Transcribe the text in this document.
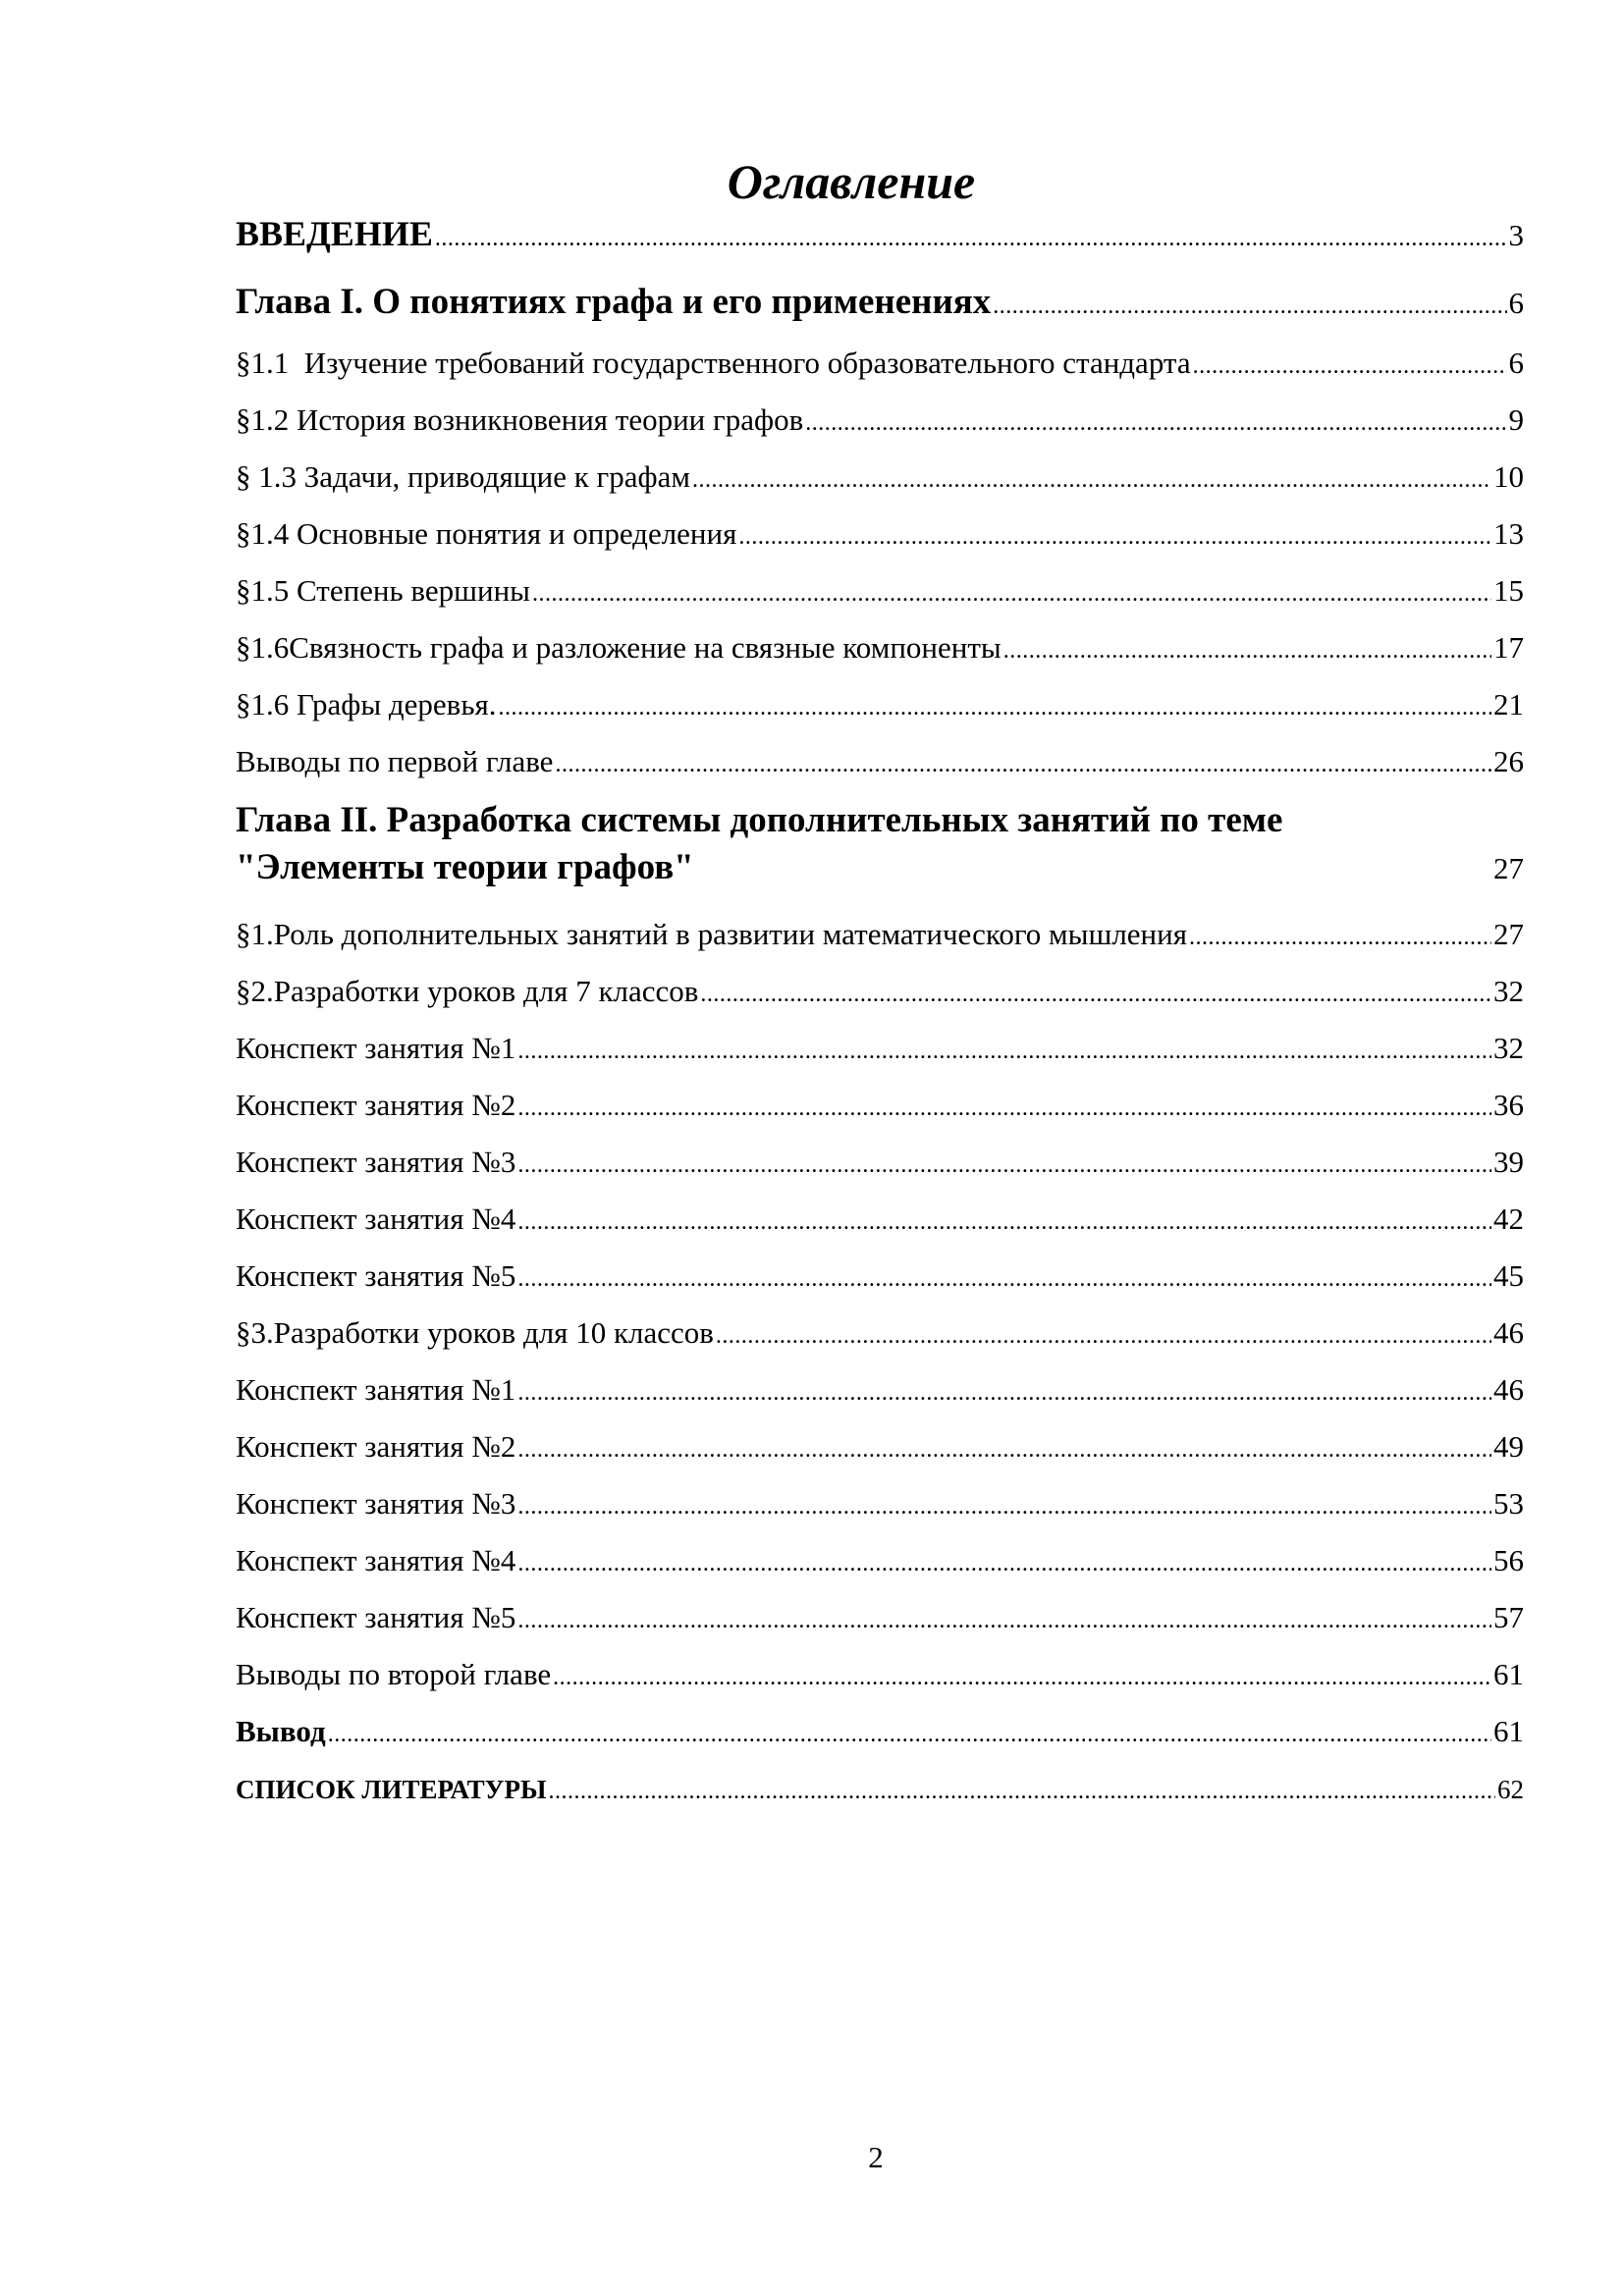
Оглавление
ВВЕДЕНИЕ .....	3
Глава I. О понятиях графа и его применениях .....	6
§1.1  Изучение требований государственного образовательного стандарта .....	6
§1.2 История возникновения теории графов .....	9
§ 1.3 Задачи, приводящие к графам .....	10
§1.4 Основные понятия и определения .....	13
§1.5 Степень вершины .....	15
§1.6Связность графа и разложение на связные компоненты .....	17
§1.6 Графы деревья. .....	21
Выводы по первой главе .....	26
Глава II. Разработка системы дополнительных занятий по теме
"Элементы теории графов"	27
§1.Роль дополнительных занятий в развитии математического мышления .....	27
§2.Разработки уроков для 7 классов .....	32
Конспект занятия №1 .....	32
Конспект занятия №2 .....	36
Конспект занятия №3 .....	39
Конспект занятия №4 .....	42
Конспект занятия №5 .....	45
§3.Разработки уроков для 10 классов .....	46
Конспект занятия №1 .....	46
Конспект занятия №2 .....	49
Конспект занятия №3 .....	53
Конспект занятия №4 .....	56
Конспект занятия №5 .....	57
Выводы по второй главе .....	61
Вывод .....	61
СПИСОК ЛИТЕРАТУРЫ .....	62
2
